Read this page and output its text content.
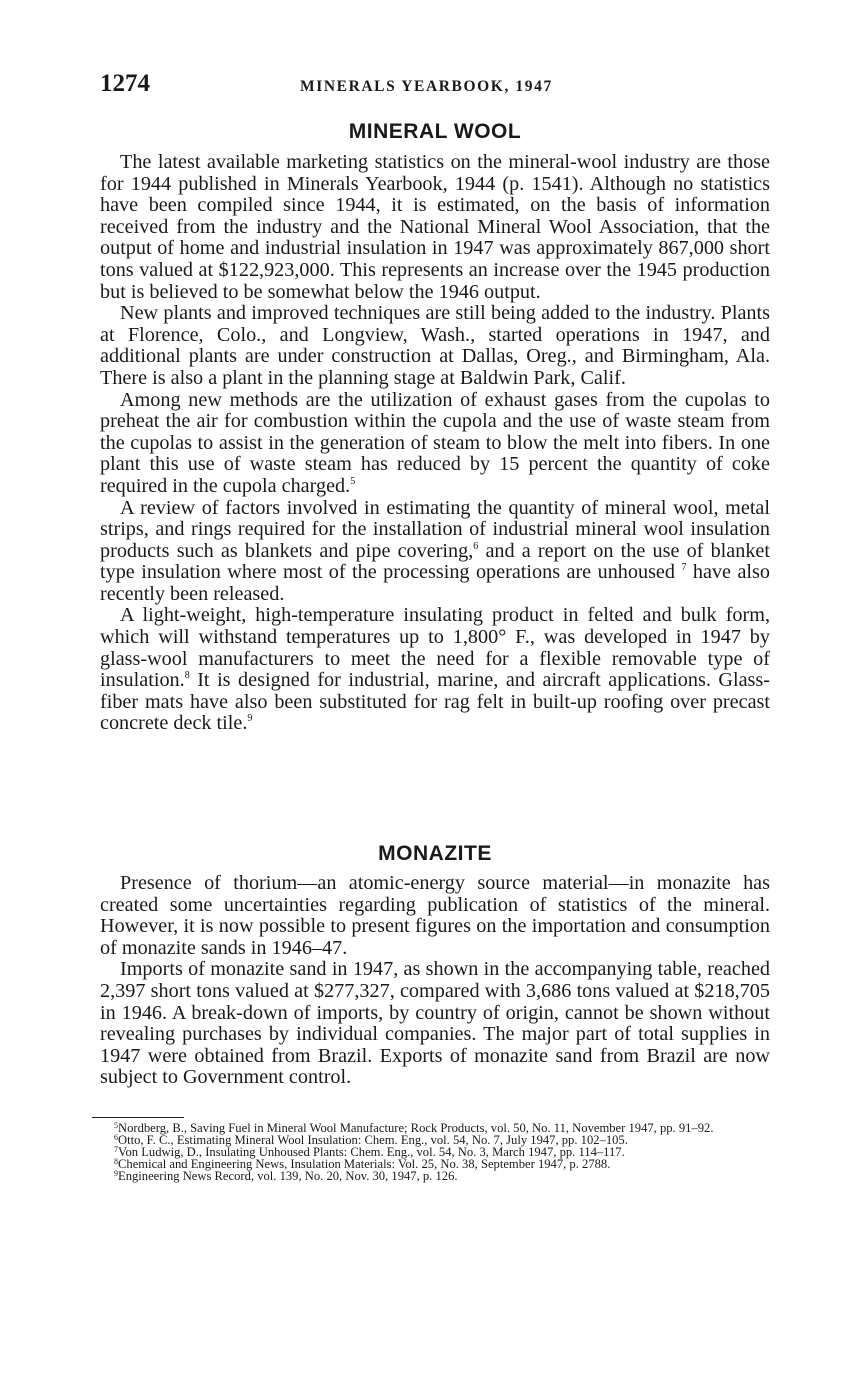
1274	MINERALS YEARBOOK, 1947
MINERAL WOOL

The latest available marketing statistics on the mineral-wool industry are those for 1944 published in Minerals Yearbook, 1944 (p. 1541). Although no statistics have been compiled since 1944, it is estimated, on the basis of information received from the industry and the National Mineral Wool Association, that the output of home and industrial insulation in 1947 was approximately 867,000 short tons valued at $122,923,000. This represents an increase over the 1945 production but is believed to be somewhat below the 1946 output.

New plants and improved techniques are still being added to the industry. Plants at Florence, Colo., and Longview, Wash., started operations in 1947, and additional plants are under construction at Dallas, Oreg., and Birmingham, Ala. There is also a plant in the planning stage at Baldwin Park, Calif.

Among new methods are the utilization of exhaust gases from the cupolas to preheat the air for combustion within the cupola and the use of waste steam from the cupolas to assist in the generation of steam to blow the melt into fibers. In one plant this use of waste steam has reduced by 15 percent the quantity of coke required in the cupola charged.$^5$

A review of factors involved in estimating the quantity of mineral wool, metal strips, and rings required for the installation of industrial mineral wool insulation products such as blankets and pipe covering,$^6$ and a report on the use of blanket type insulation where most of the processing operations are unhoused $^7$ have also recently been released.

A light-weight, high-temperature insulating product in felted and bulk form, which will withstand temperatures up to 1,800° F., was developed in 1947 by glass-wool manufacturers to meet the need for a flexible removable type of insulation.$^8$ It is designed for industrial, marine, and aircraft applications. Glass-fiber mats have also been substituted for rag felt in built-up roofing over precast concrete deck tile.$^9$

MONAZITE

Presence of thorium—an atomic-energy source material—in monazite has created some uncertainties regarding publication of statistics of the mineral. However, it is now possible to present figures on the importation and consumption of monazite sands in 1946–47.

Imports of monazite sand in 1947, as shown in the accompanying table, reached 2,397 short tons valued at $277,327, compared with 3,686 tons valued at $218,705 in 1946. A break-down of imports, by country of origin, cannot be shown without revealing purchases by individual companies. The major part of total supplies in 1947 were obtained from Brazil. Exports of monazite sand from Brazil are now subject to Government control.

$^5$Nordberg, B., Saving Fuel in Mineral Wool Manufacture; Rock Products, vol. 50, No. 11, November 1947, pp. 91–92.

$^6$Otto, F. C., Estimating Mineral Wool Insulation: Chem. Eng., vol. 54, No. 7, July 1947, pp. 102–105.

$^7$Von Ludwig, D., Insulating Unhoused Plants: Chem. Eng., vol. 54, No. 3, March 1947, pp. 114–117.

$^8$Chemical and Engineering News, Insulation Materials: Vol. 25, No. 38, September 1947, p. 2788.

$^9$Engineering News Record, vol. 139, No. 20, Nov. 30, 1947, p. 126.
